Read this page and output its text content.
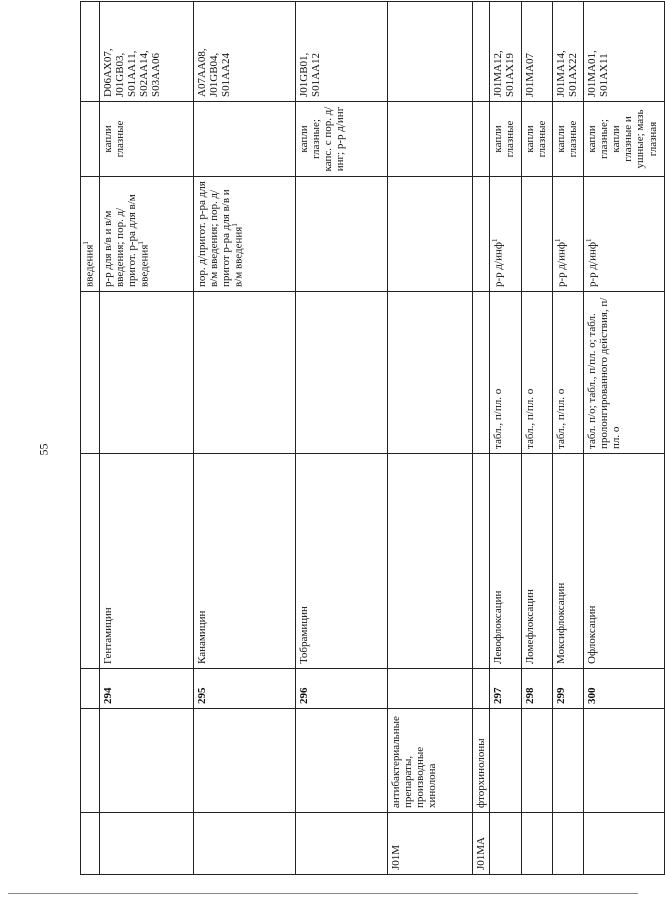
55
					введения$^1$		
		294	Гентамицин		р-р для в/в и в/м введения; пор. д/пригот. р-ра для в/м введения$^1$	капли глазные	D06AX07, J01GB03, S01AA11, S02AA14, S03AA06

		295	Канамицин		пор. д/пригот. р-ра для в/м введения; пор. д/пригот р-ра для в/в и в/м введения$^1$		A07AA08, J01GB04, S01AA24

		296	Тобрамицин			капли глазные; капс. с пор. д/инг; р-р д/инг	J01GB01, S01AA12

J01M	антибактериальные препараты, производные хинолона						
J01MA	фторхинолоны						
		297	Левофлоксацин	табл., п/пл. о	р-р д/инф$^1$	капли глазные	J01MA12, S01AX19

		298	Ломефлоксацин	табл., п/пл. о		капли глазные	J01MA07

		299	Моксифлоксацин	табл., п/пл. о	р-р д/инф$^1$	капли глазные	J01MA14, S01AX22

		300	Офлоксацин	табл. п/о; табл., п/пл. о; табл. пролонгированного действия, п/пл. о	р-р д/инф$^1$	капли глазные; капли глазные и ушные; мазь глазная	J01MA01, S01AX11
